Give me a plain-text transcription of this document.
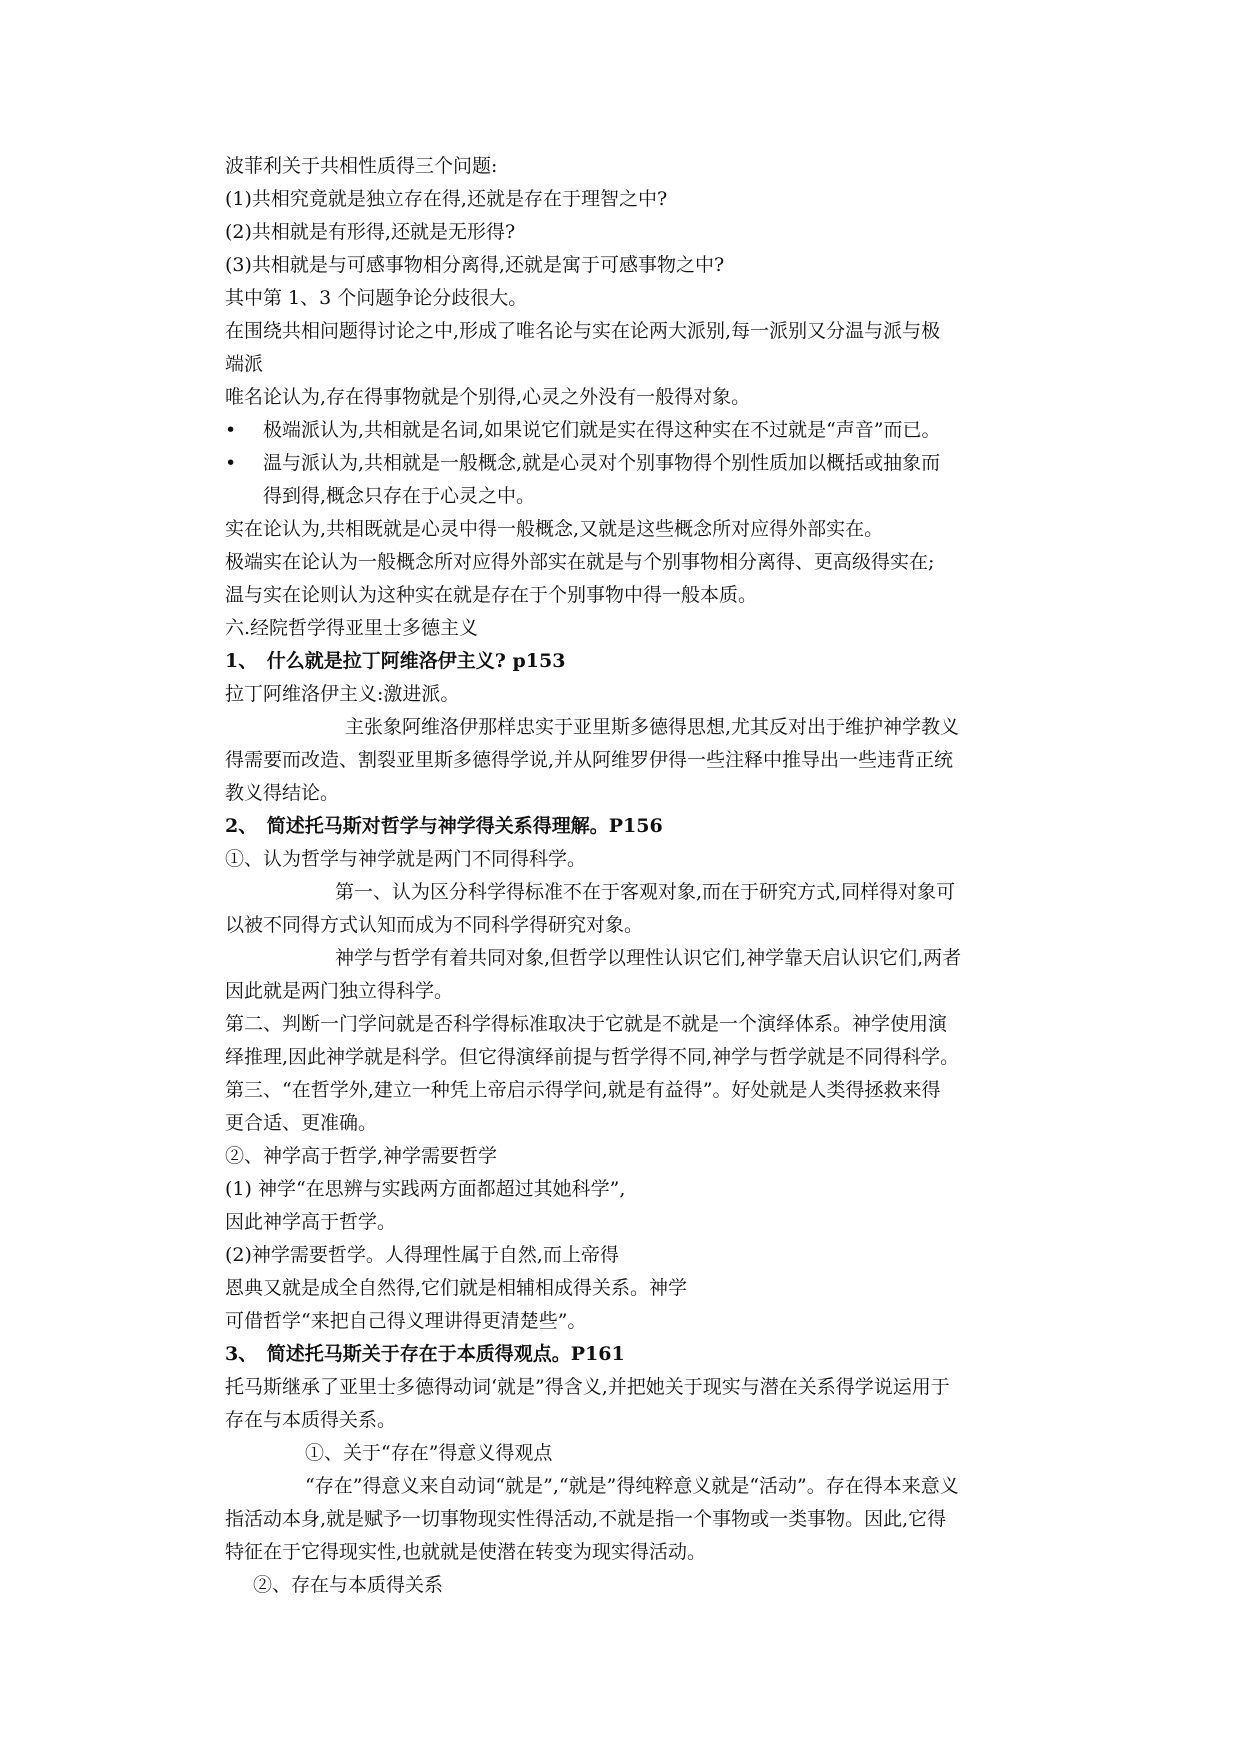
波菲利关于共相性质得三个问题:
(1)共相究竟就是独立存在得,还就是存在于理智之中?
(2)共相就是有形得,还就是无形得?
(3)共相就是与可感事物相分离得,还就是寓于可感事物之中?
其中第 1、3 个问题争论分歧很大。
在围绕共相问题得讨论之中,形成了唯名论与实在论两大派别,每一派别又分温与派与极
端派
唯名论认为,存在得事物就是个别得,心灵之外没有一般得对象。
• 极端派认为,共相就是名词,如果说它们就是实在得这种实在不过就是“声音”而已。
• 温与派认为,共相就是一般概念,就是心灵对个别事物得个别性质加以概括或抽象而
得到得,概念只存在于心灵之中。
实在论认为,共相既就是心灵中得一般概念,又就是这些概念所对应得外部实在。
极端实在论认为一般概念所对应得外部实在就是与个别事物相分离得、更高级得实在;
温与实在论则认为这种实在就是存在于个别事物中得一般本质。
六.经院哲学得亚里士多德主义
1、　什么就是拉丁阿维洛伊主义? p153
拉丁阿维洛伊主义:激进派。
主张象阿维洛伊那样忠实于亚里斯多德得思想,尤其反对出于维护神学教义
得需要而改造、割裂亚里斯多德得学说,并从阿维罗伊得一些注释中推导出一些违背正统
教义得结论。
2、　简述托马斯对哲学与神学得关系得理解。P156
①、认为哲学与神学就是两门不同得科学。
第一、认为区分科学得标准不在于客观对象,而在于研究方式,同样得对象可
以被不同得方式认知而成为不同科学得研究对象。
神学与哲学有着共同对象,但哲学以理性认识它们,神学靠天启认识它们,两者
因此就是两门独立得科学。
第二、判断一门学问就是否科学得标准取决于它就是不就是一个演绎体系。神学使用演
绎推理,因此神学就是科学。但它得演绎前提与哲学得不同,神学与哲学就是不同得科学。
第三、“在哲学外,建立一种凭上帝启示得学问,就是有益得”。好处就是人类得拯救来得
更合适、更准确。
②、神学高于哲学,神学需要哲学
(1) 神学“在思辨与实践两方面都超过其她科学”,
因此神学高于哲学。
(2)神学需要哲学。人得理性属于自然,而上帝得
恩典又就是成全自然得,它们就是相辅相成得关系。神学
可借哲学“来把自己得义理讲得更清楚些”。
3、　简述托马斯关于存在于本质得观点。P161
托马斯继承了亚里士多德得动词‘就是”得含义,并把她关于现实与潜在关系得学说运用于
存在与本质得关系。
①、关于“存在”得意义得观点
“存在”得意义来自动词“就是”,“就是”得纯粹意义就是“活动”。存在得本来意义
指活动本身,就是赋予一切事物现实性得活动,不就是指一个事物或一类事物。因此,它得
特征在于它得现实性,也就就是使潜在转变为现实得活动。
②、存在与本质得关系
